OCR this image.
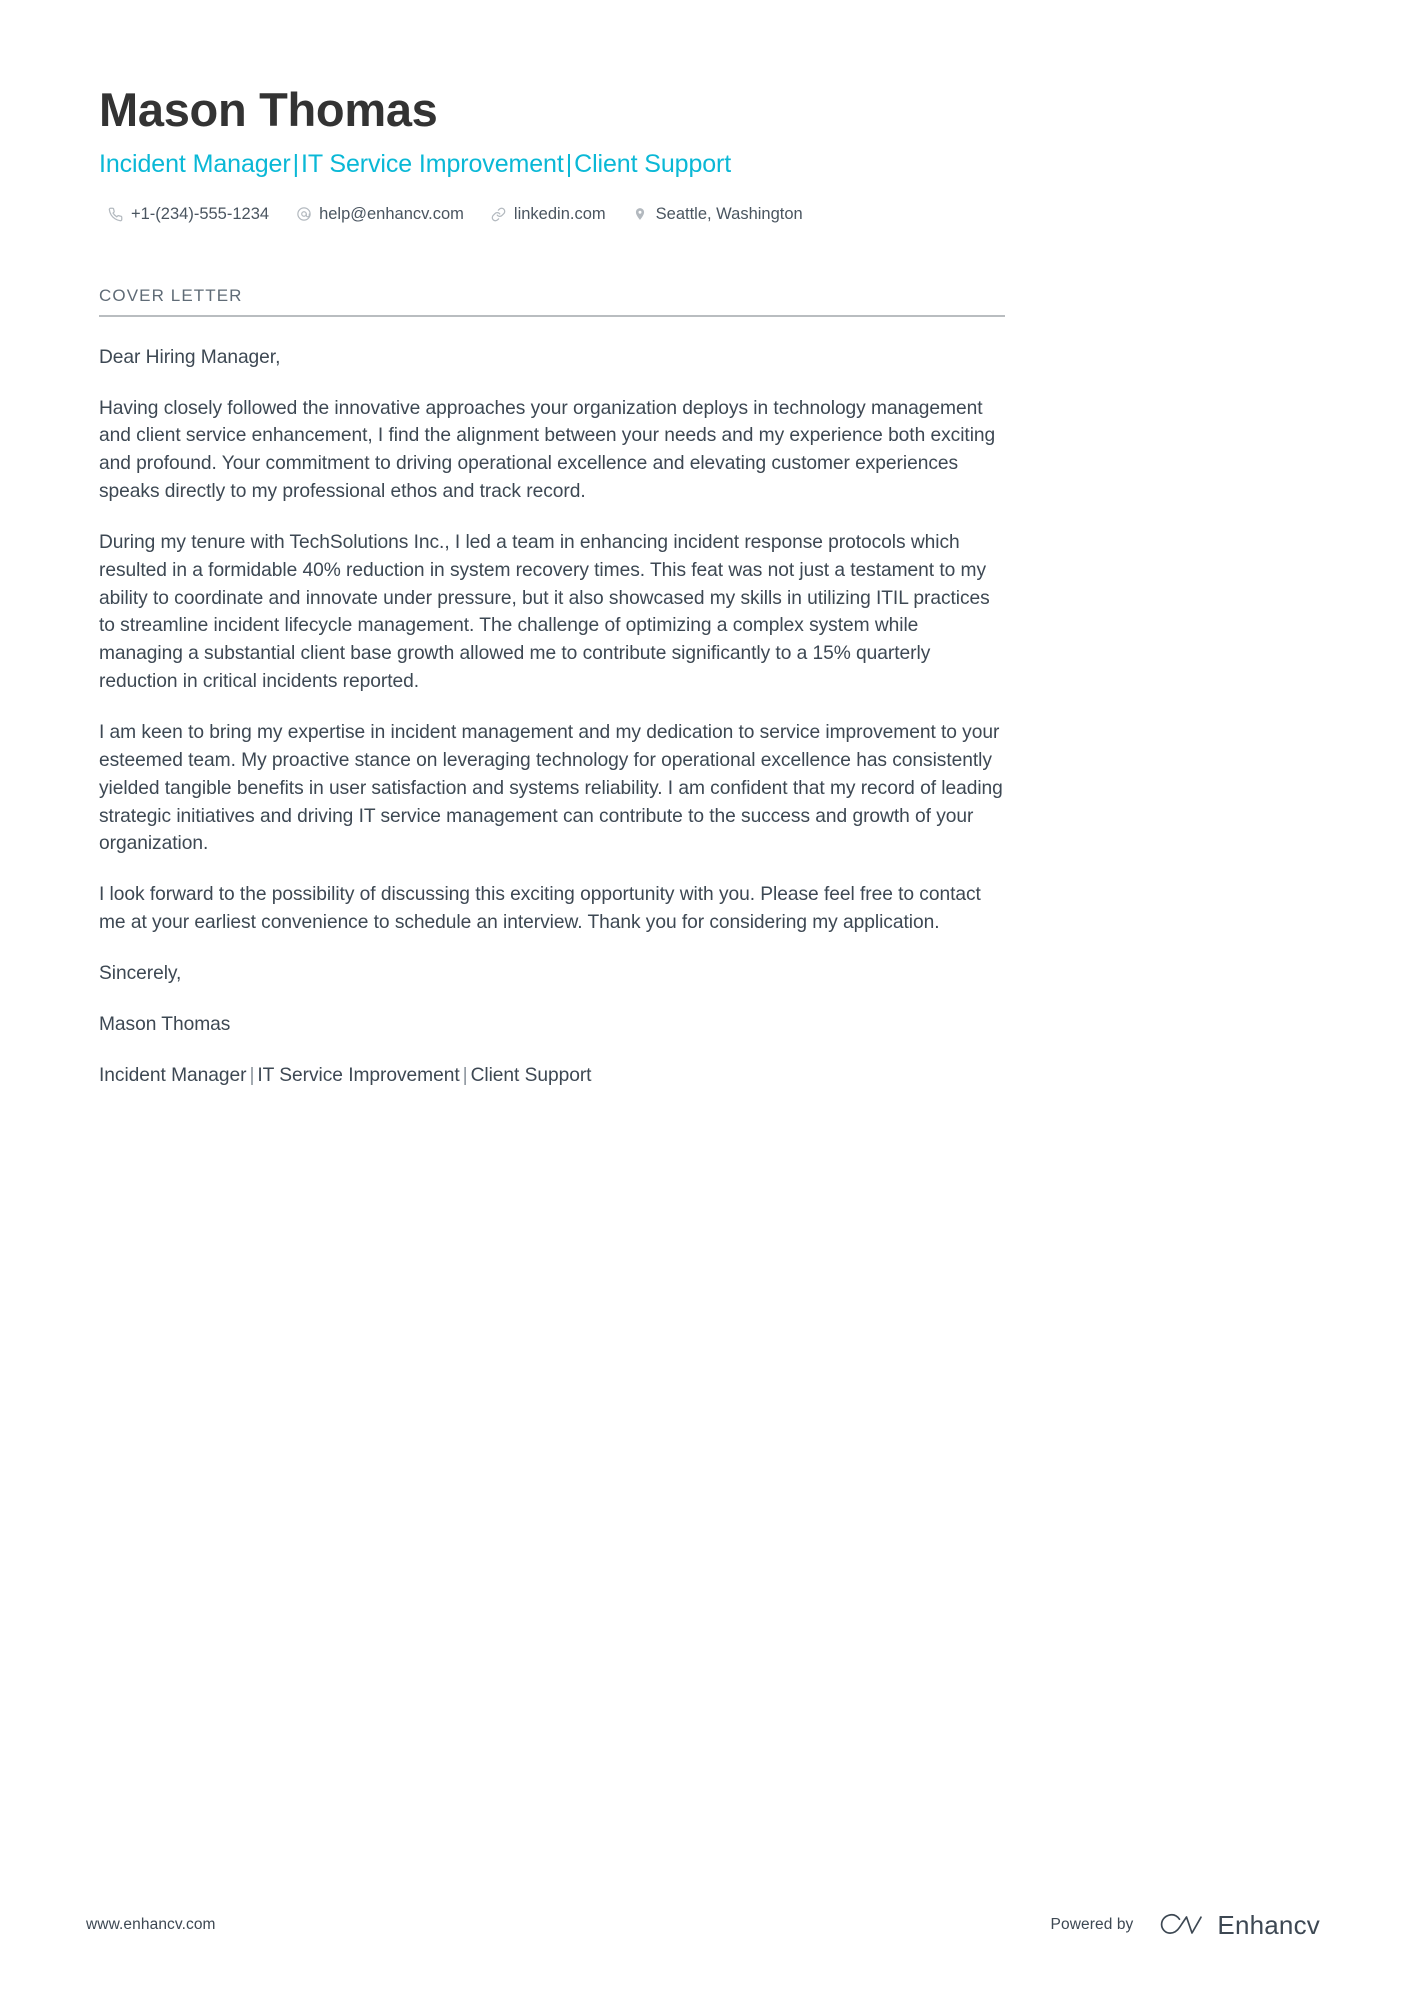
Mason Thomas
Incident Manager|IT Service Improvement|Client Support
+1-(234)-555-1234	help@enhancv.com	linkedin.com	Seattle, Washington
COVER LETTER

Dear Hiring Manager,

Having closely followed the innovative approaches your organization deploys in technology management and client service enhancement, I find the alignment between your needs and my experience both exciting and profound. Your commitment to driving operational excellence and elevating customer experiences speaks directly to my professional ethos and track record.

During my tenure with TechSolutions Inc., I led a team in enhancing incident response protocols which resulted in a formidable 40% reduction in system recovery times. This feat was not just a testament to my ability to coordinate and innovate under pressure, but it also showcased my skills in utilizing ITIL practices to streamline incident lifecycle management. The challenge of optimizing a complex system while managing a substantial client base growth allowed me to contribute significantly to a 15% quarterly reduction in critical incidents reported.

I am keen to bring my expertise in incident management and my dedication to service improvement to your esteemed team. My proactive stance on leveraging technology for operational excellence has consistently yielded tangible benefits in user satisfaction and systems reliability. I am confident that my record of leading strategic initiatives and driving IT service management can contribute to the success and growth of your organization.

I look forward to the possibility of discussing this exciting opportunity with you. Please feel free to contact me at your earliest convenience to schedule an interview. Thank you for considering my application.

Sincerely,

Mason Thomas

Incident Manager | IT Service Improvement | Client Support

www.enhancv.com	Powered by	Enhancv
